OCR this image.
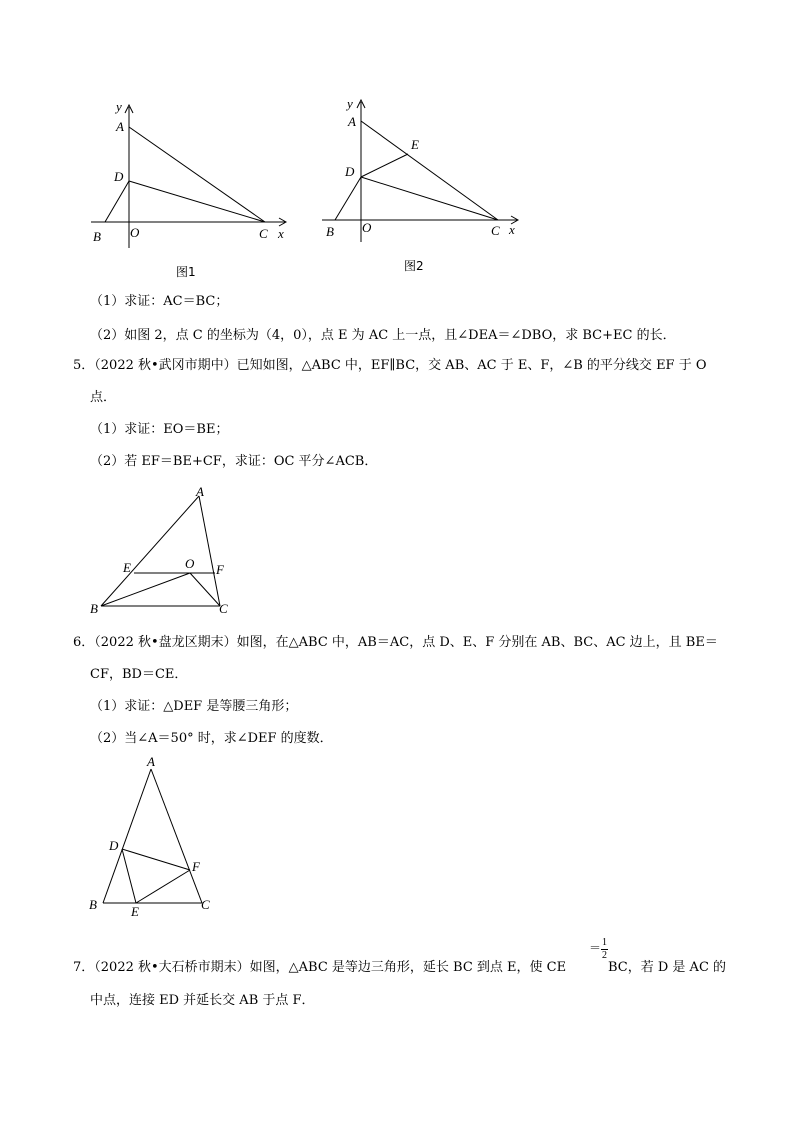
y
A
D
B O	C x
图1
y
A
E
D
B O	C x
图2
（1）求证：AC＝BC；
（2）如图 2，点 C 的坐标为（4，0），点 E 为 AC 上一点，且∠DEA＝∠DBO，求 BC+EC 的长．
5．（2022 秋•武冈市期中）已知如图，△ABC 中，EF∥BC，交 AB、AC 于 E、F，∠B 的平分线交 EF 于 O
点．
（1）求证：EO＝BE；
（2）若 EF＝BE+CF，求证：OC 平分∠ACB．
A
E	O F
B	C
6．（2022 秋•盘龙区期末）如图，在△ABC 中，AB＝AC，点 D、E、F 分别在 AB、BC、AC 边上，且 BE＝
CF，BD＝CE．
（1）求证：△DEF 是等腰三角形；
（2）当∠A＝50° 时，求∠DEF 的度数．
A
D
F
B	E	C
7．（2022 秋•大石桥市期末）如图，△ABC 是等边三角形，延长 BC 到点 E，使 CE
＝ 1
2
BC，若 D 是 AC 的
中点，连接 ED 并延长交 AB 于点 F．
